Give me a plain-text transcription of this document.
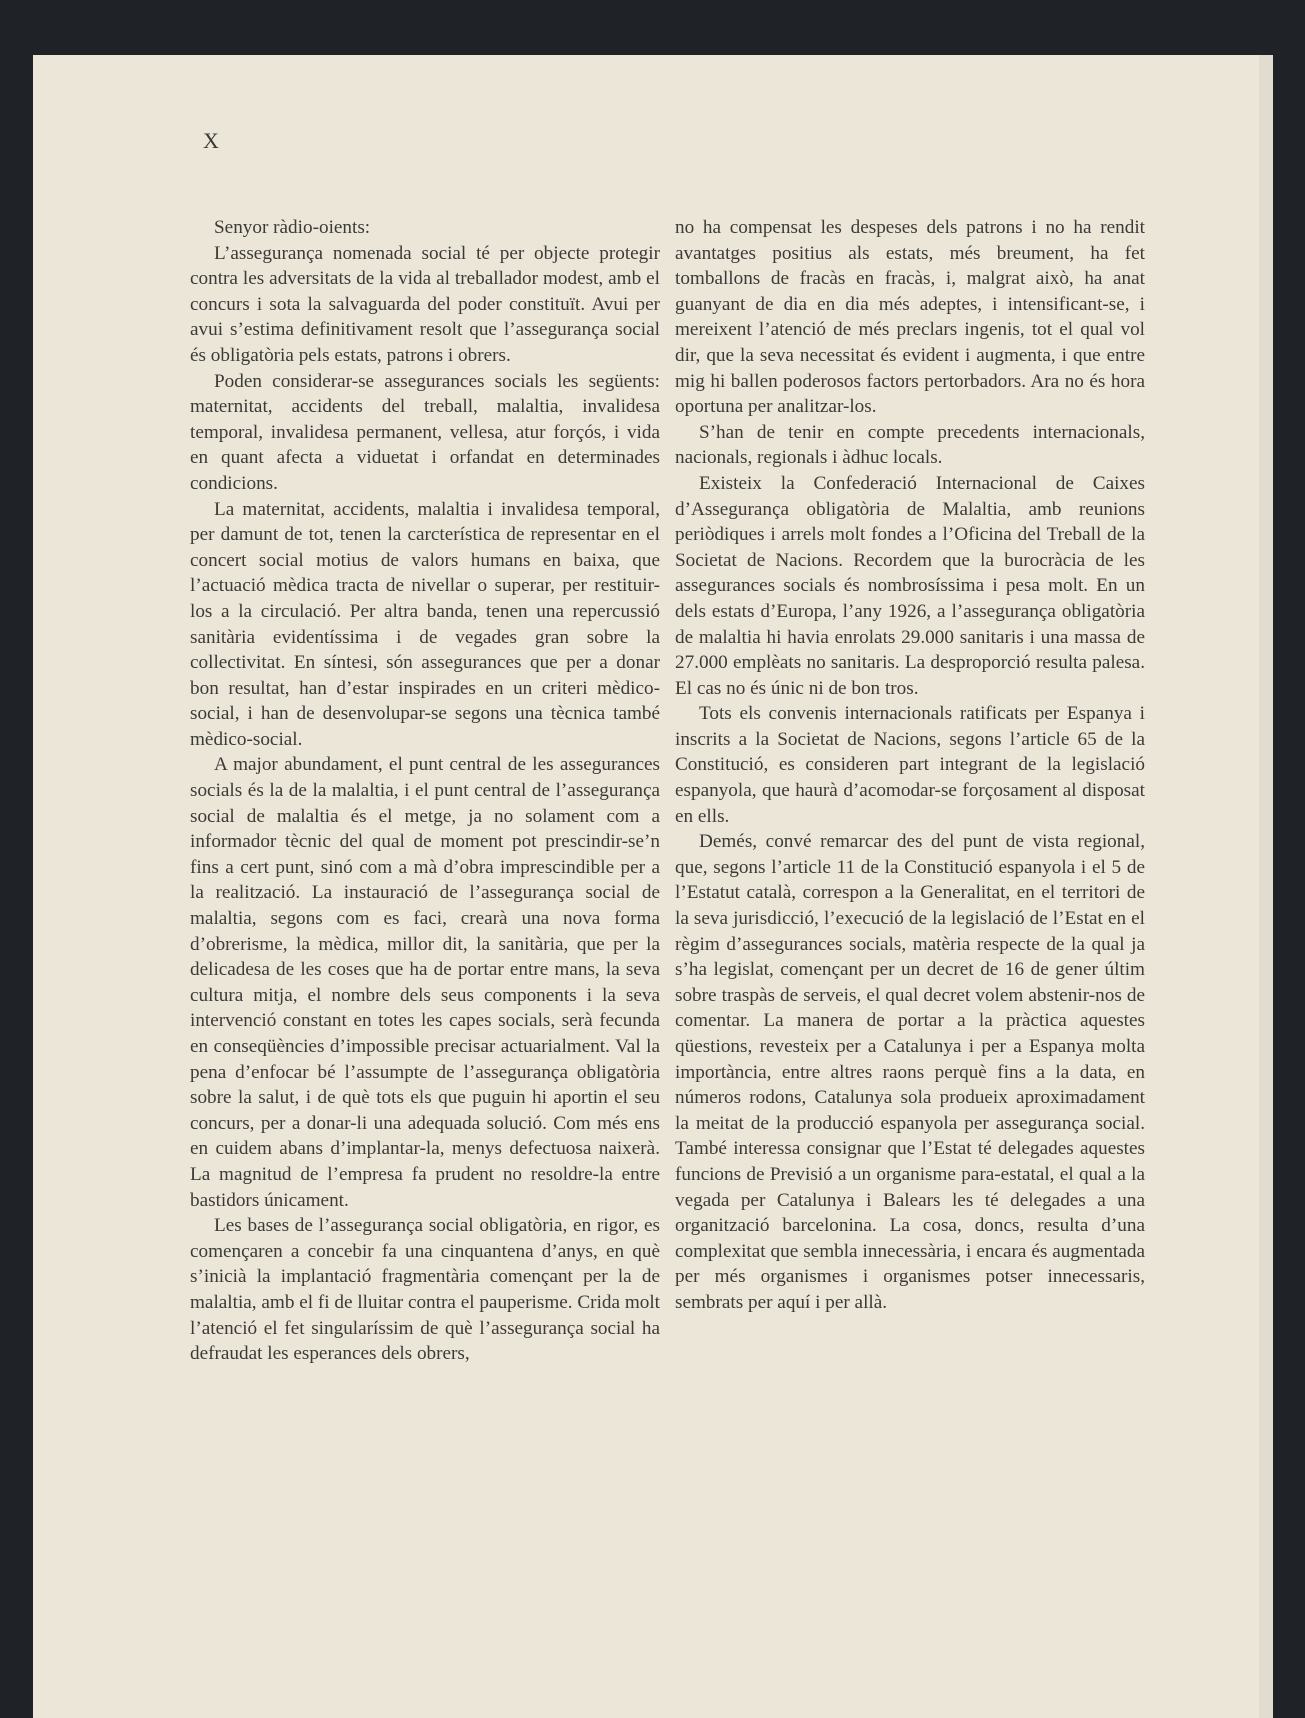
X

Senyor ràdio-oients:

L’assegurança nomenada social té per objecte protegir contra les adversitats de la vida al treballador modest, amb el concurs i sota la salvaguarda del poder constituït. Avui per avui s’estima definitivament resolt que l’assegurança social és obligatòria pels estats, patrons i obrers.

Poden considerar-se assegurances socials les següents: maternitat, accidents del treball, malaltia, invalidesa temporal, invalidesa permanent, vellesa, atur forçós, i vida en quant afecta a viduetat i orfandat en determinades condicions.

La maternitat, accidents, malaltia i invalidesa temporal, per damunt de tot, tenen la carcterística de representar en el concert social motius de valors humans en baixa, que l’actuació mèdica tracta de nivellar o superar, per restituir-los a la circulació. Per altra banda, tenen una repercussió sanitària evidentíssima i de vegades gran sobre la collectivitat. En síntesi, són assegurances que per a donar bon resultat, han d’estar inspirades en un criteri mèdico-social, i han de desenvolupar-se segons una tècnica també mèdico-social.

A major abundament, el punt central de les assegurances socials és la de la malaltia, i el punt central de l’assegurança social de malaltia és el metge, ja no solament com a informador tècnic del qual de moment pot prescindir-se’n fins a cert punt, sinó com a mà d’obra imprescindible per a la realització. La instauració de l’assegurança social de malaltia, segons com es faci, crearà una nova forma d’obrerisme, la mèdica, millor dit, la sanitària, que per la delicadesa de les coses que ha de portar entre mans, la seva cultura mitja, el nombre dels seus components i la seva intervenció constant en totes les capes socials, serà fecunda en conseqüències d’impossible precisar actuarialment. Val la pena d’enfocar bé l’assumpte de l’assegurança obligatòria sobre la salut, i de què tots els que puguin hi aportin el seu concurs, per a donar-li una adequada solució. Com més ens en cuidem abans d’implantar-la, menys defectuosa naixerà. La magnitud de l’empresa fa prudent no resoldre-la entre bastidors únicament.

Les bases de l’assegurança social obligatòria, en rigor, es començaren a concebir fa una cinquantena d’anys, en què s’inicià la implantació fragmentària començant per la de malaltia, amb el fi de lluitar contra el pauperisme. Crida molt l’atenció el fet singularíssim de què l’assegurança social ha defraudat les esperances dels obrers,

no ha compensat les despeses dels patrons i no ha rendit avantatges positius als estats, més breument, ha fet tomballons de fracàs en fracàs, i, malgrat això, ha anat guanyant de dia en dia més adeptes, i intensificant-se, i mereixent l’atenció de més preclars ingenis, tot el qual vol dir, que la seva necessitat és evident i augmenta, i que entre mig hi ballen poderosos factors pertorbadors. Ara no és hora oportuna per analitzar-los.

S’han de tenir en compte precedents internacionals, nacionals, regionals i àdhuc locals.

Existeix la Confederació Internacional de Caixes d’Assegurança obligatòria de Malaltia, amb reunions periòdiques i arrels molt fondes a l’Oficina del Treball de la Societat de Nacions. Recordem que la burocràcia de les assegurances socials és nombrosíssima i pesa molt. En un dels estats d’Europa, l’any 1926, a l’assegurança obligatòria de malaltia hi havia enrolats 29.000 sanitaris i una massa de 27.000 emplèats no sanitaris. La desproporció resulta palesa. El cas no és únic ni de bon tros.

Tots els convenis internacionals ratificats per Espanya i inscrits a la Societat de Nacions, segons l’article 65 de la Constitució, es consideren part integrant de la legislació espanyola, que haurà d’acomodar-se forçosament al disposat en ells.

Demés, convé remarcar des del punt de vista regional, que, segons l’article 11 de la Constitució espanyola i el 5 de l’Estatut català, correspon a la Generalitat, en el territori de la seva jurisdicció, l’execució de la legislació de l’Estat en el règim d’assegurances socials, matèria respecte de la qual ja s’ha legislat, començant per un decret de 16 de gener últim sobre traspàs de serveis, el qual decret volem abstenir-nos de comentar. La manera de portar a la pràctica aquestes qüestions, revesteix per a Catalunya i per a Espanya molta importància, entre altres raons perquè fins a la data, en números rodons, Catalunya sola produeix aproximadament la meitat de la producció espanyola per assegurança social. També interessa consignar que l’Estat té delegades aquestes funcions de Previsió a un organisme para-estatal, el qual a la vegada per Catalunya i Balears les té delegades a una organització barcelonina. La cosa, doncs, resulta d’una complexitat que sembla innecessària, i encara és augmentada per més organismes i organismes potser innecessaris, sembrats per aquí i per allà.
